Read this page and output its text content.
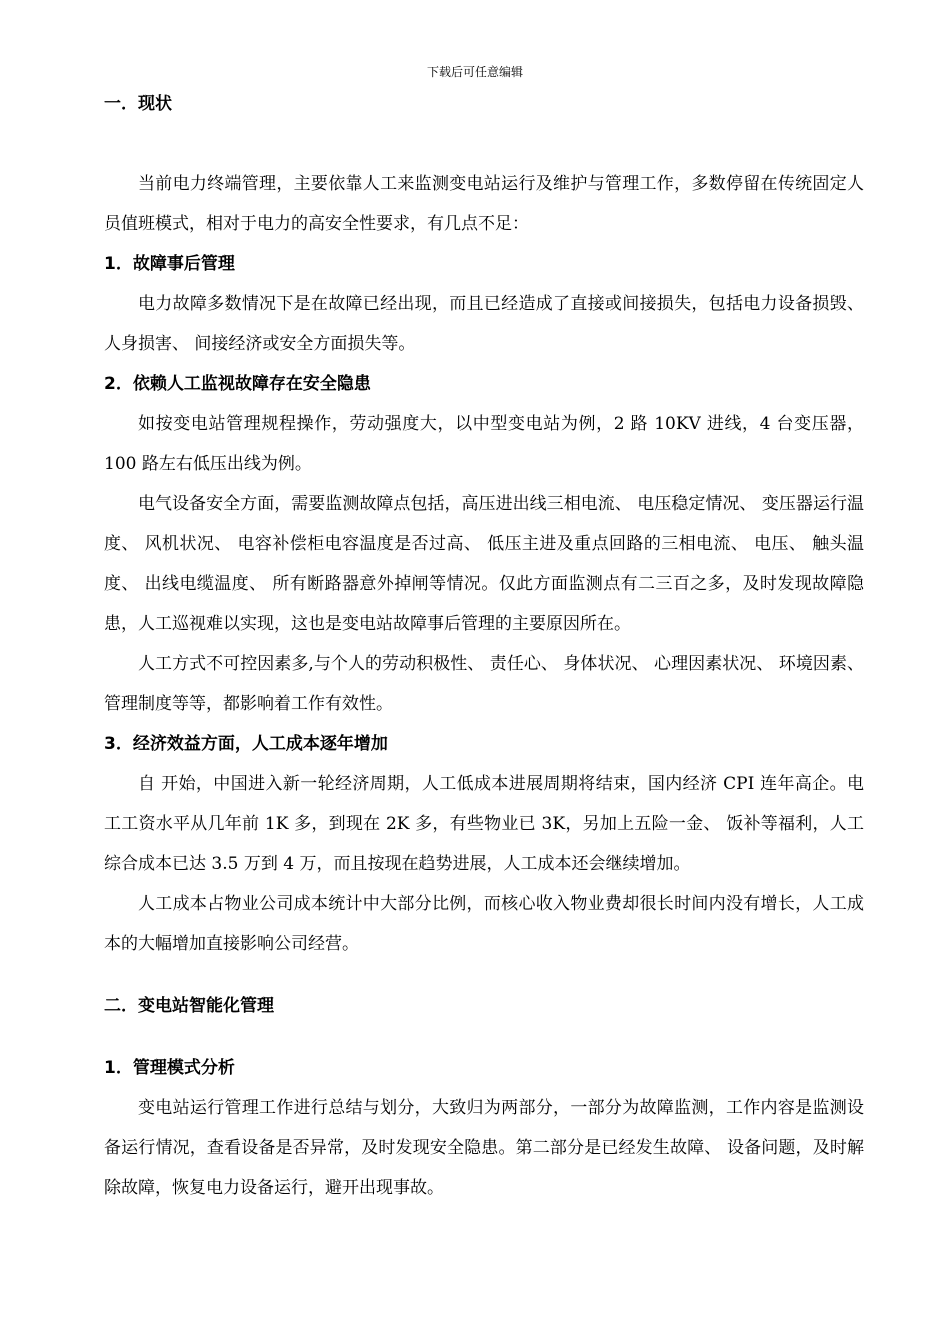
下载后可任意编辑
一．现状

当前电力终端管理，主要依靠人工来监测变电站运行及维护与管理工作，多数停留在传统固定人员值班模式，相对于电力的高安全性要求，有几点不足：

1．故障事后管理

电力故障多数情况下是在故障已经出现，而且已经造成了直接或间接损失，包括电力设备损毁、 人身损害、 间接经济或安全方面损失等。

2．依赖人工监视故障存在安全隐患

如按变电站管理规程操作，劳动强度大，以中型变电站为例，2 路 10KV 进线，4 台变压器，100 路左右低压出线为例。

电气设备安全方面，需要监测故障点包括，高压进出线三相电流、 电压稳定情况、 变压器运行温度、 风机状况、 电容补偿柜电容温度是否过高、 低压主进及重点回路的三相电流、 电压、 触头温度、 出线电缆温度、 所有断路器意外掉闸等情况。仅此方面监测点有二三百之多，及时发现故障隐患，人工巡视难以实现，这也是变电站故障事后管理的主要原因所在。

人工方式不可控因素多,与个人的劳动积极性、 责任心、 身体状况、 心理因素状况、 环境因素、 管理制度等等，都影响着工作有效性。

3．经济效益方面，人工成本逐年增加

自 开始，中国进入新一轮经济周期，人工低成本进展周期将结束，国内经济 CPI 连年高企。电工工资水平从几年前 1K 多，到现在 2K 多，有些物业已 3K，另加上五险一金、 饭补等福利，人工综合成本已达 3.5 万到 4 万，而且按现在趋势进展，人工成本还会继续增加。

人工成本占物业公司成本统计中大部分比例，而核心收入物业费却很长时间内没有增长，人工成本的大幅增加直接影响公司经营。

二．变电站智能化管理
1．管理模式分析

变电站运行管理工作进行总结与划分，大致归为两部分，一部分为故障监测，工作内容是监测设备运行情况，查看设备是否异常，及时发现安全隐患。第二部分是已经发生故障、 设备问题，及时解除故障，恢复电力设备运行，避开出现事故。
